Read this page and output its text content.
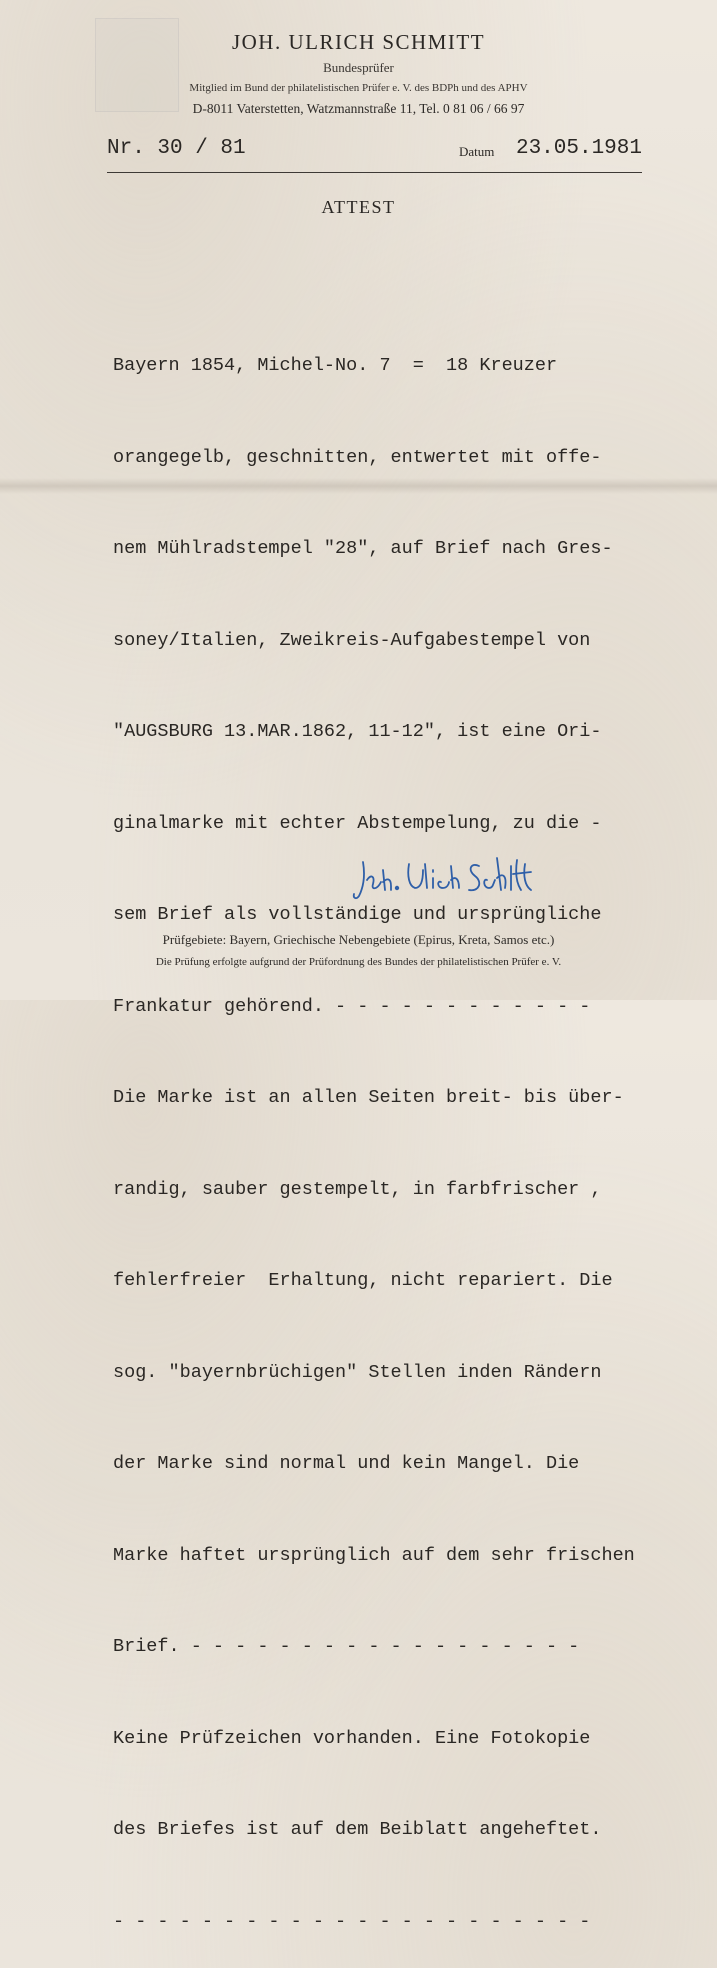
JOH. ULRICH SCHMITT
Bundesprüfer
Mitglied im Bund der philatelistischen Prüfer e. V. des BDPh und des APHV
D-8011 Vaterstetten, Watzmannstraße 11, Tel. 0 81 06 / 66 97
Nr. 30 / 81	Datum 23.05.1981
ATTEST

Bayern 1854, Michel-No. 7  =  18 Kreuzer

orangegelb, geschnitten, entwertet mit offe-

nem Mühlradstempel "28", auf Brief nach Gres-

soney/Italien, Zweikreis-Aufgabestempel von

"AUGSBURG 13.MAR.1862, 11-12", ist eine Ori-

ginalmarke mit echter Abstempelung, zu die -

sem Brief als vollständige und ursprüngliche

Frankatur gehörend. - - - - - - - - - - - -

Die Marke ist an allen Seiten breit- bis über-

randig, sauber gestempelt, in farbfrischer ,

fehlerfreier  Erhaltung, nicht repariert. Die

sog. "bayernbrüchigen" Stellen inden Rändern

der Marke sind normal und kein Mangel. Die

Marke haftet ursprünglich auf dem sehr frischen

Brief. - - - - - - - - - - - - - - - - - -

Keine Prüfzeichen vorhanden. Eine Fotokopie

des Briefes ist auf dem Beiblatt angeheftet.

- - - - - - - - - - - - - - - - - - - - - -

Prüfgebiete: Bayern, Griechische Nebengebiete (Epirus, Kreta, Samos etc.)
Die Prüfung erfolgte aufgrund der Prüfordnung des Bundes der philatelistischen Prüfer e. V.
